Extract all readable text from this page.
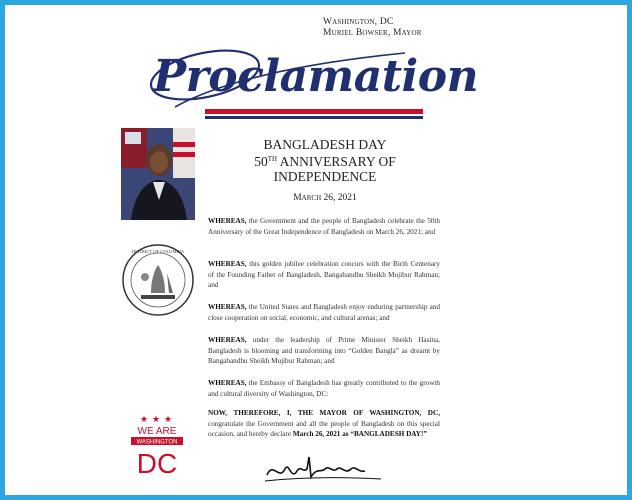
Washington, DC
Muriel Bowser, Mayor
Proclamation
DISTRICT OF COLUMBIA
★ ★ ★
WE ARE
WASHINGTON
DC
BANGLADESH DAY
50TH ANNIVERSARY OF
INDEPENDENCE
March 26, 2021
WHEREAS, the Government and the people of Bangladesh celebrate the 50th Anniversary of the Great Independence of Bangladesh on March 26, 2021; and
WHEREAS, this golden jubilee celebration concurs with the Birth Centenary of the Founding Father of Bangladesh, Bangabandhu Sheikh Mujibur Rahman; and
WHEREAS, the United States and Bangladesh enjoy enduring partnership and close cooperation on social, economic, and cultural arenas; and
WHEREAS, under the leadership of Prime Minister Sheikh Hasina, Bangladesh is blooming and transforming into “Golden Bangla” as dreamt by Bangabandhu Sheikh Mujibur Rahman; and
WHEREAS, the Embassy of Bangladesh has greatly contributed to the growth and cultural diversity of Washington, DC:
NOW, THEREFORE, I, THE MAYOR OF WASHINGTON, DC, congratulate the Government and all the people of Bangladesh on this special occasion, and hereby declare March 26, 2021 as “BANGLADESH DAY!”
